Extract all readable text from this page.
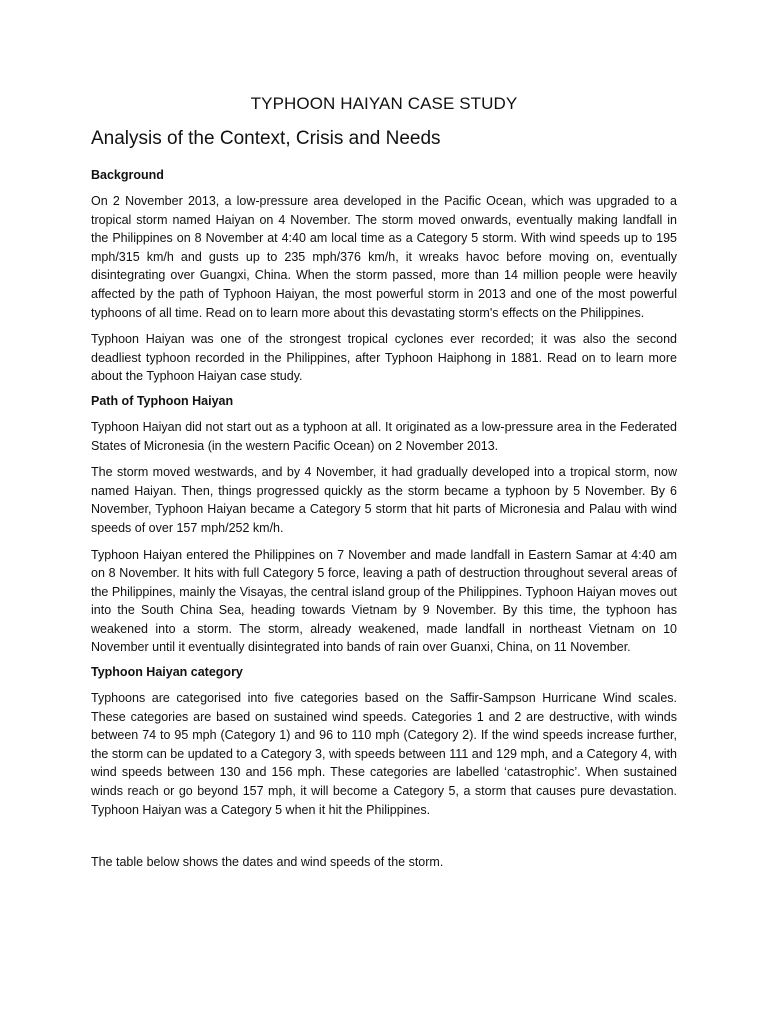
TYPHOON HAIYAN CASE STUDY
Analysis of the Context, Crisis and Needs
Background

On 2 November 2013, a low-pressure area developed in the Pacific Ocean, which was upgraded to a tropical storm named Haiyan on 4 November. The storm moved onwards, eventually making landfall in the Philippines on 8 November at 4:40 am local time as a Category 5 storm. With wind speeds up to 195 mph/315 km/h and gusts up to 235 mph/376 km/h, it wreaks havoc before moving on, eventually disintegrating over Guangxi, China. When the storm passed, more than 14 million people were heavily affected by the path of Typhoon Haiyan, the most powerful storm in 2013 and one of the most powerful typhoons of all time. Read on to learn more about this devastating storm's effects on the Philippines.

Typhoon Haiyan was one of the strongest tropical cyclones ever recorded; it was also the second deadliest typhoon recorded in the Philippines, after Typhoon Haiphong in 1881. Read on to learn more about the Typhoon Haiyan case study.

Path of Typhoon Haiyan

Typhoon Haiyan did not start out as a typhoon at all. It originated as a low-pressure area in the Federated States of Micronesia (in the western Pacific Ocean) on 2 November 2013.

The storm moved westwards, and by 4 November, it had gradually developed into a tropical storm, now named Haiyan. Then, things progressed quickly as the storm became a typhoon by 5 November. By 6 November, Typhoon Haiyan became a Category 5 storm that hit parts of Micronesia and Palau with wind speeds of over 157 mph/252 km/h.

Typhoon Haiyan entered the Philippines on 7 November and made landfall in Eastern Samar at 4:40 am on 8 November. It hits with full Category 5 force, leaving a path of destruction throughout several areas of the Philippines, mainly the Visayas, the central island group of the Philippines. Typhoon Haiyan moves out into the South China Sea, heading towards Vietnam by 9 November. By this time, the typhoon has weakened into a storm. The storm, already weakened, made landfall in northeast Vietnam on 10 November until it eventually disintegrated into bands of rain over Guanxi, China, on 11 November.

Typhoon Haiyan category

Typhoons are categorised into five categories based on the Saffir-Sampson Hurricane Wind scales. These categories are based on sustained wind speeds. Categories 1 and 2 are destructive, with winds between 74 to 95 mph (Category 1) and 96 to 110 mph (Category 2). If the wind speeds increase further, the storm can be updated to a Category 3, with speeds between 111 and 129 mph, and a Category 4, with wind speeds between 130 and 156 mph. These categories are labelled ‘catastrophic’. When sustained winds reach or go beyond 157 mph, it will become a Category 5, a storm that causes pure devastation. Typhoon Haiyan was a Category 5 when it hit the Philippines.

The table below shows the dates and wind speeds of the storm.
